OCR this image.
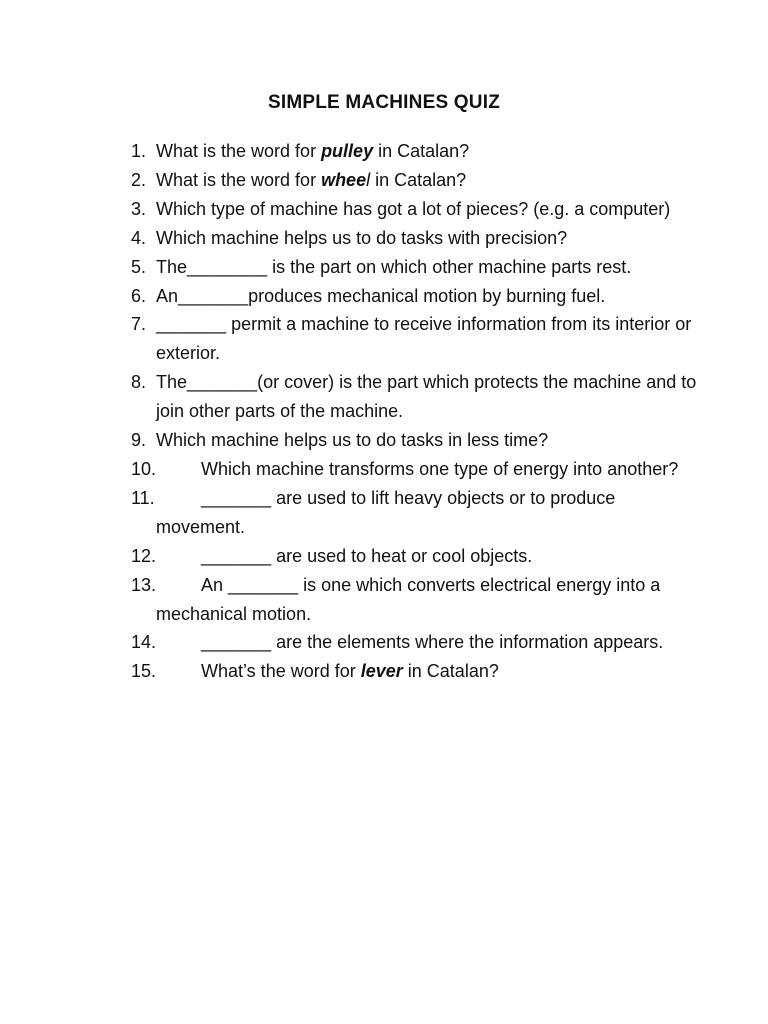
SIMPLE MACHINES QUIZ
1. What is the word for pulley in Catalan?
2. What is the word for wheel in Catalan?
3. Which type of machine has got a lot of pieces? (e.g. a computer)
4. Which machine helps us to do tasks with precision?
5. The________ is the part on which other machine parts rest.
6. An_______produces mechanical motion by burning fuel.
7. _______ permit a machine to receive information from its interior or exterior.
8. The_______(or cover) is the part which protects the machine and to join other parts of the machine.
9. Which machine helps us to do tasks in less time?
10.	Which machine transforms one type of energy into another?
11.	_______ are used to lift heavy objects or to produce movement.
12.	_______ are used to heat or cool objects.
13.	An _______ is one which converts electrical energy into a mechanical motion.
14.	_______ are the elements where the information appears.
15.	What’s the word for lever in Catalan?
